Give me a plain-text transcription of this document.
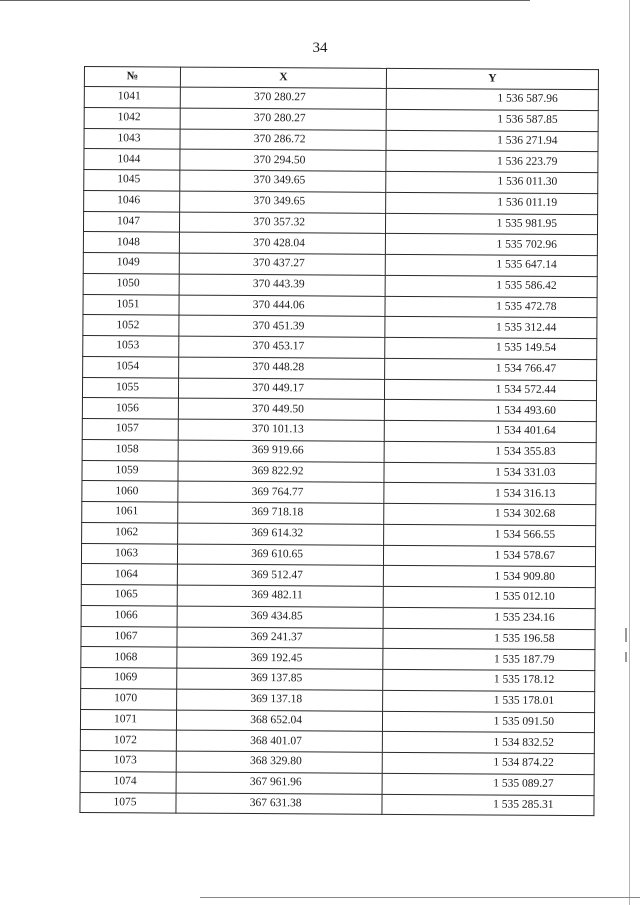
34
№	X	Y
1041	370 280.27	1 536 587.96
1042	370 280.27	1 536 587.85
1043	370 286.72	1 536 271.94
1044	370 294.50	1 536 223.79
1045	370 349.65	1 536 011.30
1046	370 349.65	1 536 011.19
1047	370 357.32	1 535 981.95
1048	370 428.04	1 535 702.96
1049	370 437.27	1 535 647.14
1050	370 443.39	1 535 586.42
1051	370 444.06	1 535 472.78
1052	370 451.39	1 535 312.44
1053	370 453.17	1 535 149.54
1054	370 448.28	1 534 766.47
1055	370 449.17	1 534 572.44
1056	370 449.50	1 534 493.60
1057	370 101.13	1 534 401.64
1058	369 919.66	1 534 355.83
1059	369 822.92	1 534 331.03
1060	369 764.77	1 534 316.13
1061	369 718.18	1 534 302.68
1062	369 614.32	1 534 566.55
1063	369 610.65	1 534 578.67
1064	369 512.47	1 534 909.80
1065	369 482.11	1 535 012.10
1066	369 434.85	1 535 234.16
1067	369 241.37	1 535 196.58
1068	369 192.45	1 535 187.79
1069	369 137.85	1 535 178.12
1070	369 137.18	1 535 178.01
1071	368 652.04	1 535 091.50
1072	368 401.07	1 534 832.52
1073	368 329.80	1 534 874.22
1074	367 961.96	1 535 089.27
1075	367 631.38	1 535 285.31
